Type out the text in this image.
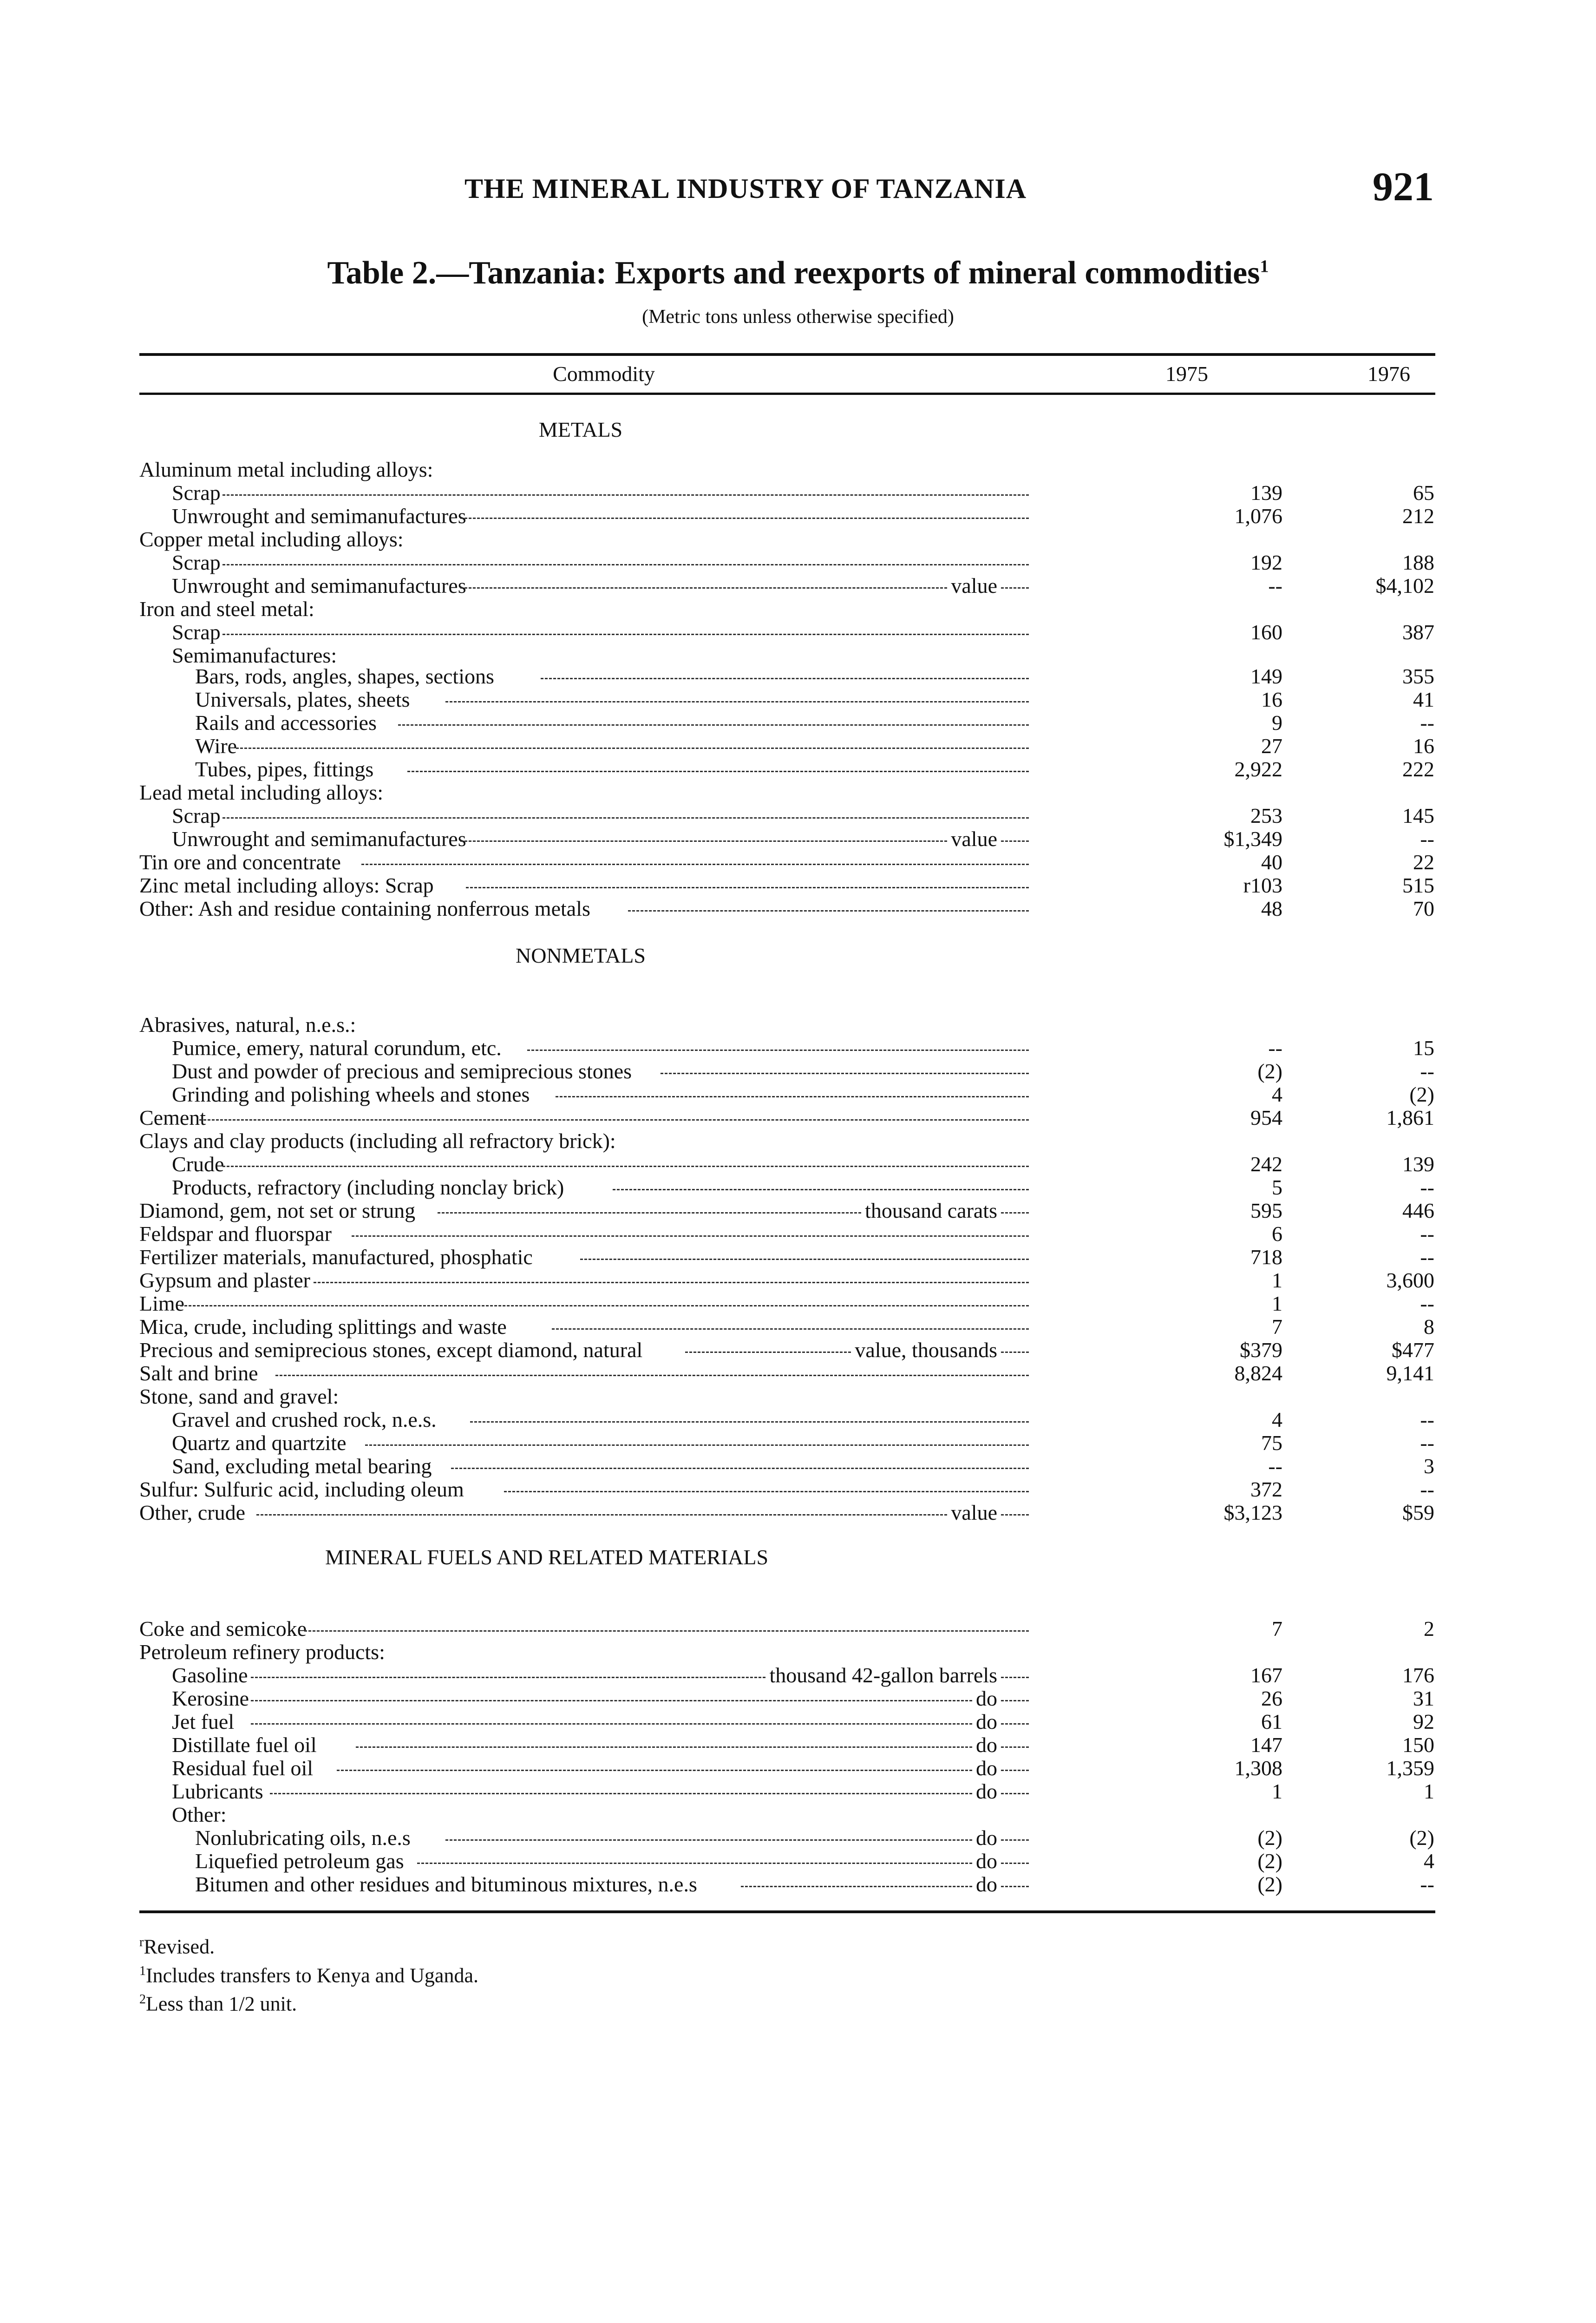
THE MINERAL INDUSTRY OF TANZANIA	921
Table 2.—Tanzania: Exports and reexports of mineral commodities$^1$
(Metric tons unless otherwise specified)
Commodity	1975	1976
METALS
NONMETALS
MINERAL FUELS AND RELATED MATERIALS
Aluminum metal including alloys:
Scrap	139	65
Unwrought and semimanufactures	1,076	212
Copper metal including alloys:
Scrap	192	188
Unwrought and semimanufactures	value	--	$4,102
Iron and steel metal:
Scrap	160	387
Semimanufactures:
Bars, rods, angles, shapes, sections	149	355
Universals, plates, sheets	16	41
Rails and accessories	9	--
Wire	27	16
Tubes, pipes, fittings	2,922	222
Lead metal including alloys:
Scrap	253	145
Unwrought and semimanufactures	value	$1,349	--
Tin ore and concentrate	40	22
Zinc metal including alloys: Scrap	r103	515
Other: Ash and residue containing nonferrous metals	48	70
Abrasives, natural, n.e.s.:
Pumice, emery, natural corundum, etc.	--	15
Dust and powder of precious and semiprecious stones	(2)	--
Grinding and polishing wheels and stones	4	(2)
Cement	954	1,861
Clays and clay products (including all refractory brick):
Crude	242	139
Products, refractory (including nonclay brick)	5	--
Diamond, gem, not set or strung	thousand carats	595	446
Feldspar and fluorspar	6	--
Fertilizer materials, manufactured, phosphatic	718	--
Gypsum and plaster	1	3,600
Lime	1	--
Mica, crude, including splittings and waste	7	8
Precious and semiprecious stones, except diamond, natural	value, thousands	$379	$477
Salt and brine	8,824	9,141
Stone, sand and gravel:
Gravel and crushed rock, n.e.s.	4	--
Quartz and quartzite	75	--
Sand, excluding metal bearing	--	3
Sulfur: Sulfuric acid, including oleum	372	--
Other, crude	value	$3,123	$59
Coke and semicoke	7	2
Petroleum refinery products:
Gasoline	thousand 42-gallon barrels	167	176
Kerosine	do	26	31
Jet fuel	do	61	92
Distillate fuel oil	do	147	150
Residual fuel oil	do	1,308	1,359
Lubricants	do	1	1
Other:
Nonlubricating oils, n.e.s	do	(2)	(2)
Liquefied petroleum gas	do	(2)	4
Bitumen and other residues and bituminous mixtures, n.e.s	do	(2)	--
$^r$Revised.
$^1$Includes transfers to Kenya and Uganda.
$^2$Less than 1/2 unit.
